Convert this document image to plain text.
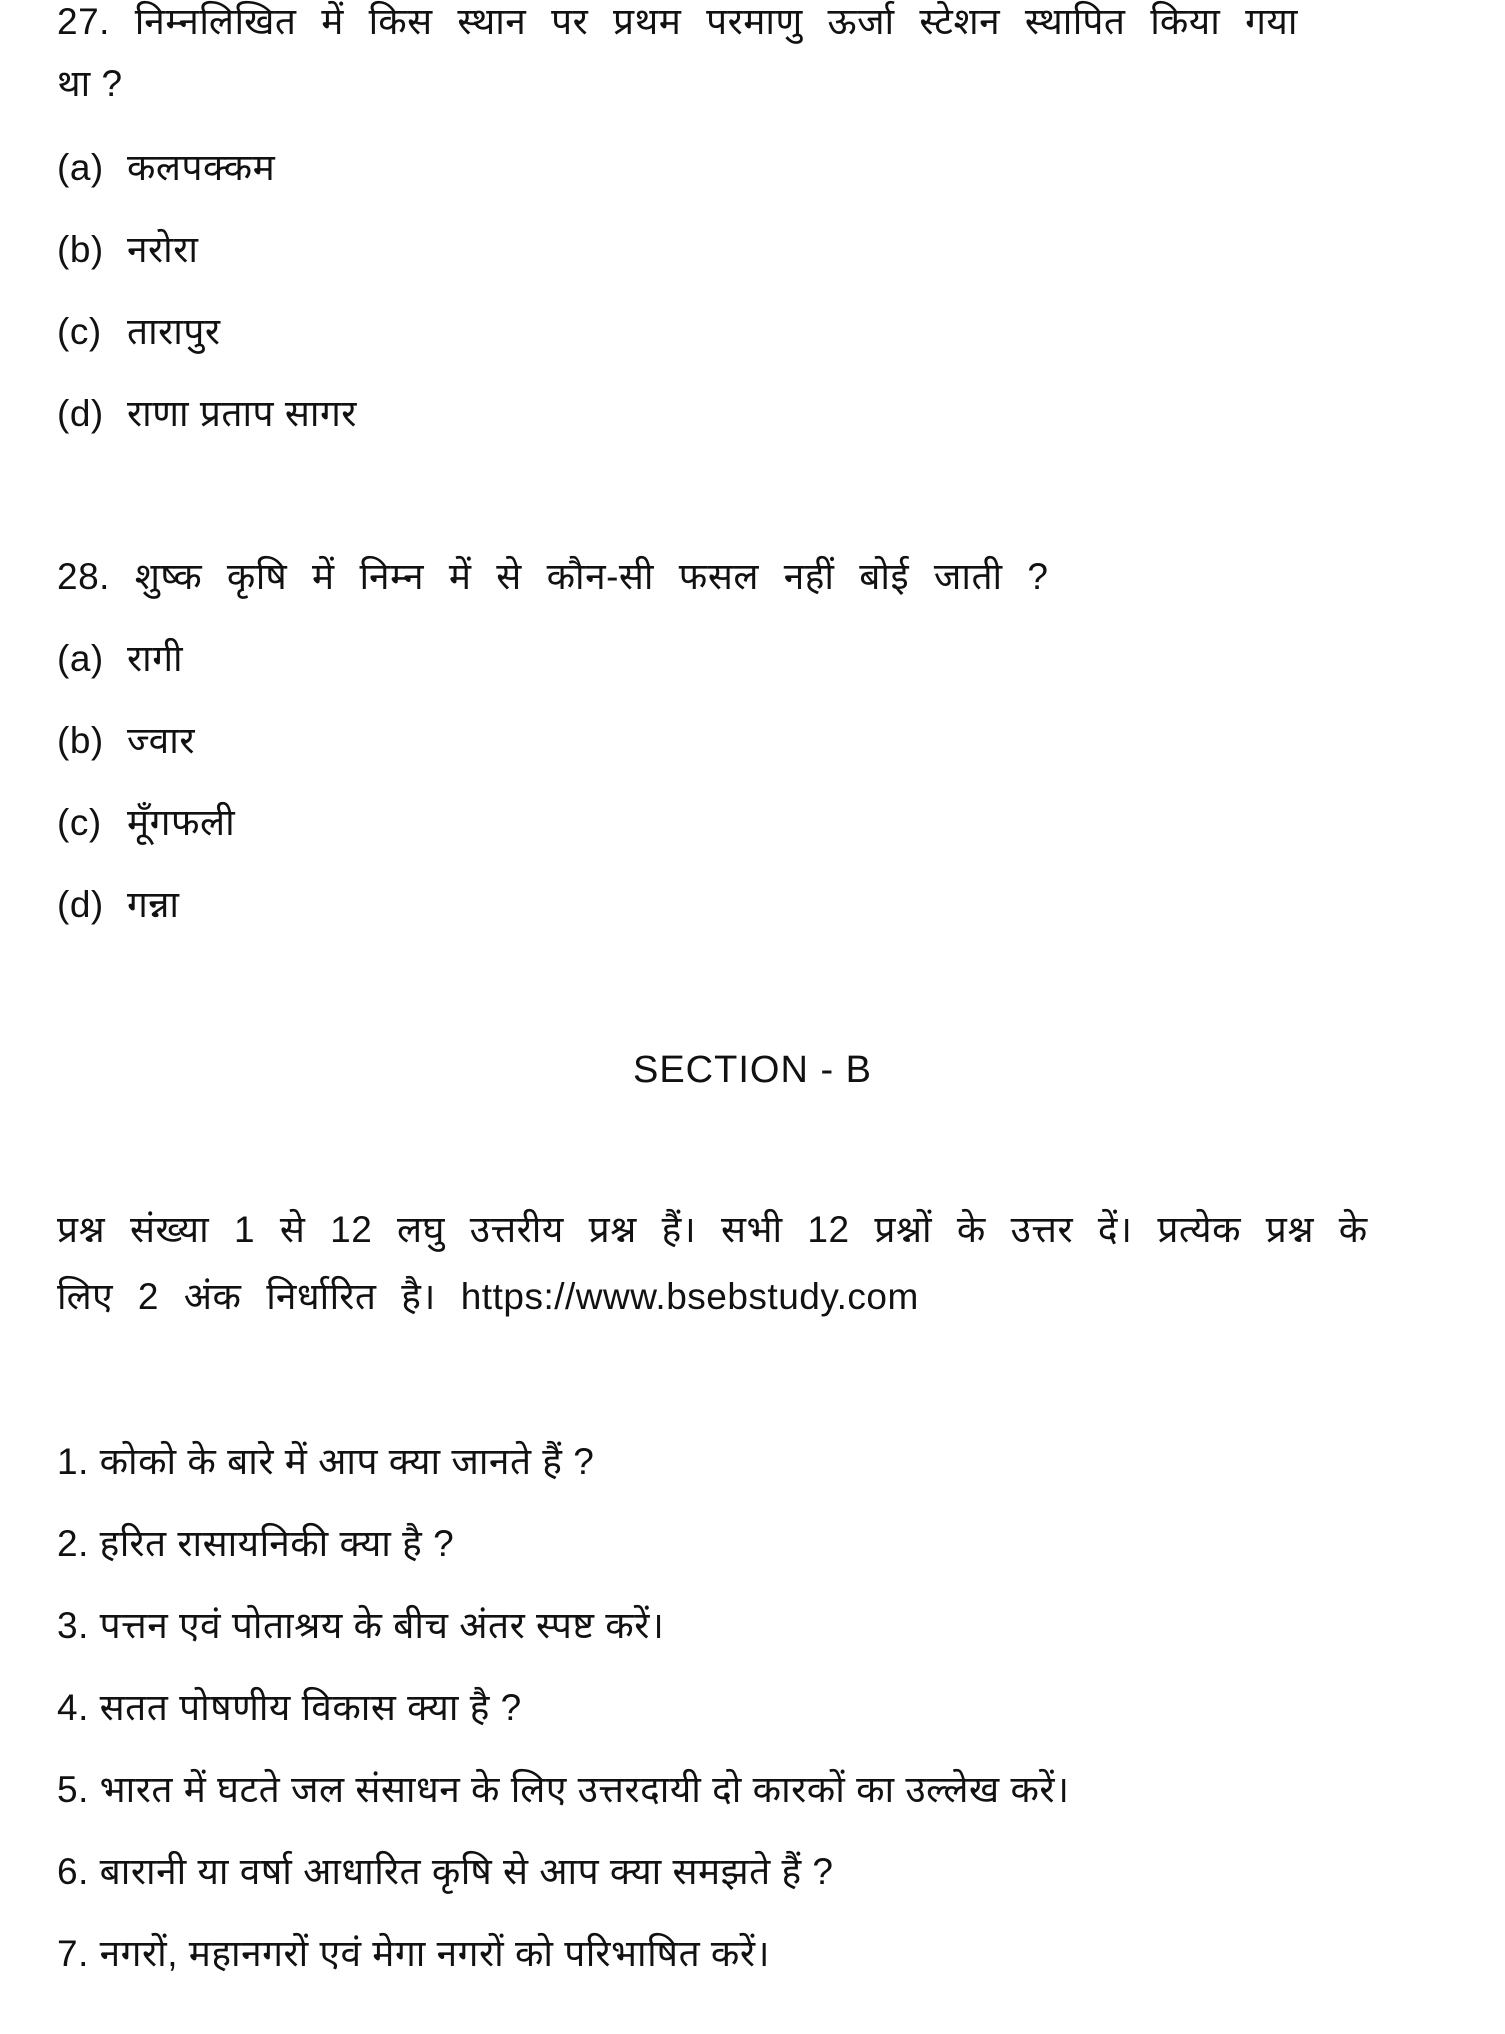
27. निम्नलिखित में किस स्थान पर प्रथम परमाणु ऊर्जा स्टेशन स्थापित किया गया
था ?
(a) कलपक्कम
(b) नरोरा
(c) तारापुर
(d) राणा प्रताप सागर
28. शुष्क कृषि में निम्न में से कौन-सी फसल नहीं बोई जाती ?
(a) रागी
(b) ज्वार
(c) मूँगफली
(d) गन्ना
SECTION - B
प्रश्न संख्या 1 से 12 लघु उत्तरीय प्रश्न हैं। सभी 12 प्रश्नों के उत्तर दें। प्रत्येक प्रश्न के
लिए 2 अंक निर्धारित है। https://www.bsebstudy.com
1. कोको के बारे में आप क्या जानते हैं ?
2. हरित रासायनिकी क्या है ?
3. पत्तन एवं पोताश्रय के बीच अंतर स्पष्ट करें।
4. सतत पोषणीय विकास क्या है ?
5. भारत में घटते जल संसाधन के लिए उत्तरदायी दो कारकों का उल्लेख करें।
6. बारानी या वर्षा आधारित कृषि से आप क्या समझते हैं ?
7. नगरों, महानगरों एवं मेगा नगरों को परिभाषित करें।
